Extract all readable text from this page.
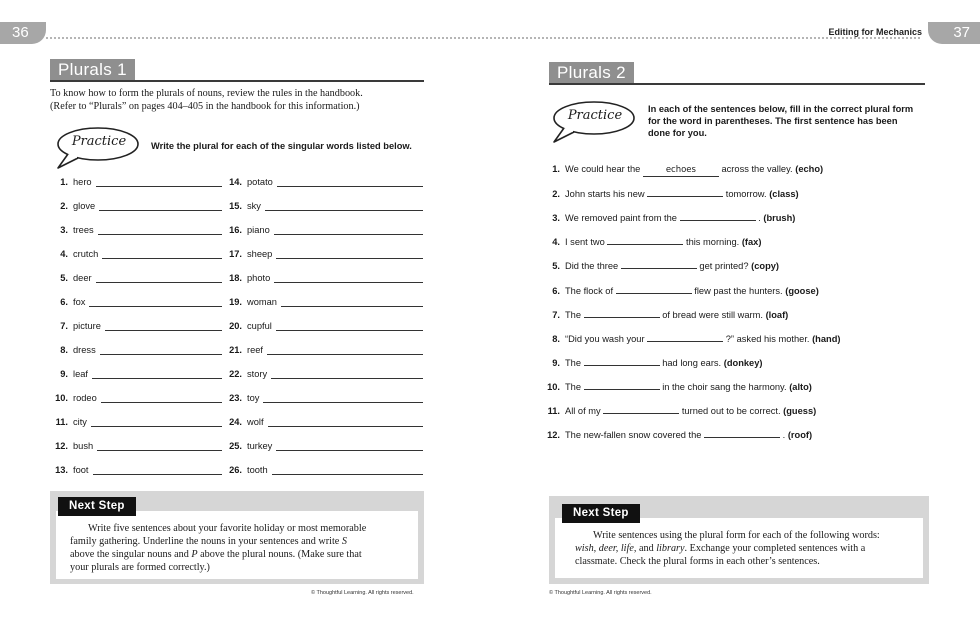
36	Editing for Mechanics	37
Plurals 1
To know how to form the plurals of nouns, review the rules in the handbook.
(Refer to “Plurals” on pages 404–405 in the handbook for this information.)
Practice	Write the plural for each of the singular words listed below.
1. hero
2. glove
3. trees
4. crutch
5. deer
6. fox
7. picture
8. dress
9. leaf
10. rodeo
11. city
12. bush
13. foot
14. potato
15. sky
16. piano
17. sheep
18. photo
19. woman
20. cupful
21. reef
22. story
23. toy
24. wolf
25. turkey
26. tooth
Next Step
Write five sentences about your favorite holiday or most memorable
family gathering. Underline the nouns in your sentences and write S
above the singular nouns and P above the plural nouns. (Make sure that
your plurals are formed correctly.)
© Thoughtful Learning. All rights reserved.
Plurals 2
Practice	In each of the sentences below, fill in the correct plural form
for the word in parentheses. The first sentence has been
done for you.
1. We could hear the	echoes	across the valley. (echo)
2. John starts his new	tomorrow. (class)
3. We removed paint from the	. (brush)
4. I sent two	this morning. (fax)
5. Did the three	get printed? (copy)
6. The flock of	flew past the hunters. (goose)
7. The	of bread were still warm. (loaf)
8. “Did you wash your	?” asked his mother. (hand)
9. The	had long ears. (donkey)
10. The	in the choir sang the harmony. (alto)
11. All of my	turned out to be correct. (guess)
12. The new-fallen snow covered the	. (roof)
Next Step
Write sentences using the plural form for each of the following words:
wish, deer, life, and library. Exchange your completed sentences with a
classmate. Check the plural forms in each other’s sentences.
© Thoughtful Learning. All rights reserved.
